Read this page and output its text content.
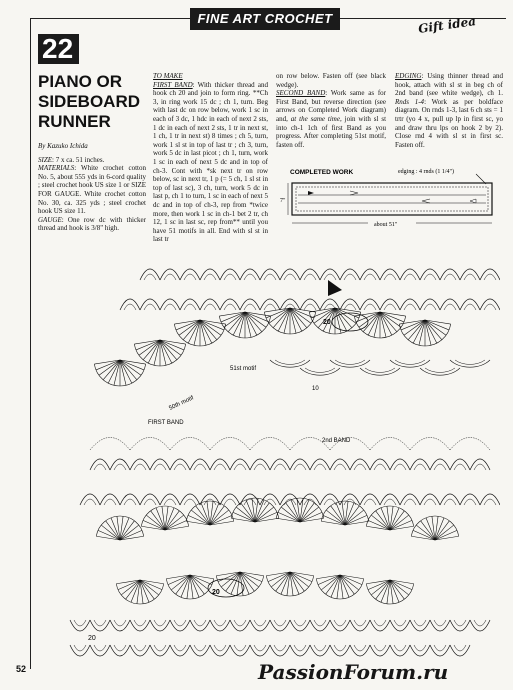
FINE ART CROCHET	Gift idea
22
PIANO OR
SIDEBOARD
RUNNER

By Kazuko Ichida

SIZE: 7 x ca. 51 inches.

MATERIALS: White crochet cotton No. 5, about 555 yds in 6-cord quality ; steel crochet hook US size 1 or SIZE FOR GAUGE. White crochet cotton No. 30, ca. 325 yds ; steel crochet hook US size 11.

GAUGE: One row dc with thicker thread and hook is 3/8" high.

TO MAKE

FIRST BAND: With thicker thread and hook ch 20 and join to form ring. **Ch 3, in ring work 15 dc ; ch 1, turn. Beg with last dc on row below, work 1 sc in each of 3 dc, 1 hdc in each of next 2 sts, 1 dc in each of next 2 sts, 1 tr in next st, 1 ch, 1 tr in next st) 8 times ; ch 5, turn, work 1 sl st in top of last tr ; ch 3, turn, work 5 dc in last picot ; ch 1, turn, work 1 sc in each of next 5 dc and in top of ch-3. Cont with *sk next tr on row below, sc in next tr, 1 p (= 5 ch, 1 sl st in top of last sc), 3 ch, turn, work 5 dc in last p, ch 1 to turn, 1 sc in each of next 5 dc and in top of ch-3, rep from *twice more, then work 1 sc in ch-1 bet 2 tr, ch 12, 1 sc in last sc, rep from** until you have 51 motifs in all. End with sl st in last tr

on row below. Fasten off (see black wedge).

SECOND BAND: Work same as for First Band, but reverse direction (see arrows on Completed Work diagram) and, at the same time, join with sl st into ch-1 1ch of first Band as you progress. After completing 51st motif, fasten off.

EDGING: Using thinner thread and hook, attach with sl st in beg ch of 2nd band (see white wedge), ch 1. Rnds 1-4: Work as per boldface diagram. On rnds 1-3, last 6 ch sts = 1 trtr (yo 4 x, pull up lp in first sc, yo and draw thru lps on hook 2 by 2). Close rnd 4 with sl st in first sc. Fasten off.

COMPLETED WORK	edging : 4 rnds (1 1/4")
7"
about 51"
FIRST BAND
2nd BAND
51st motif
50th motif
20
20
20
10
52	PassionForum.ru
